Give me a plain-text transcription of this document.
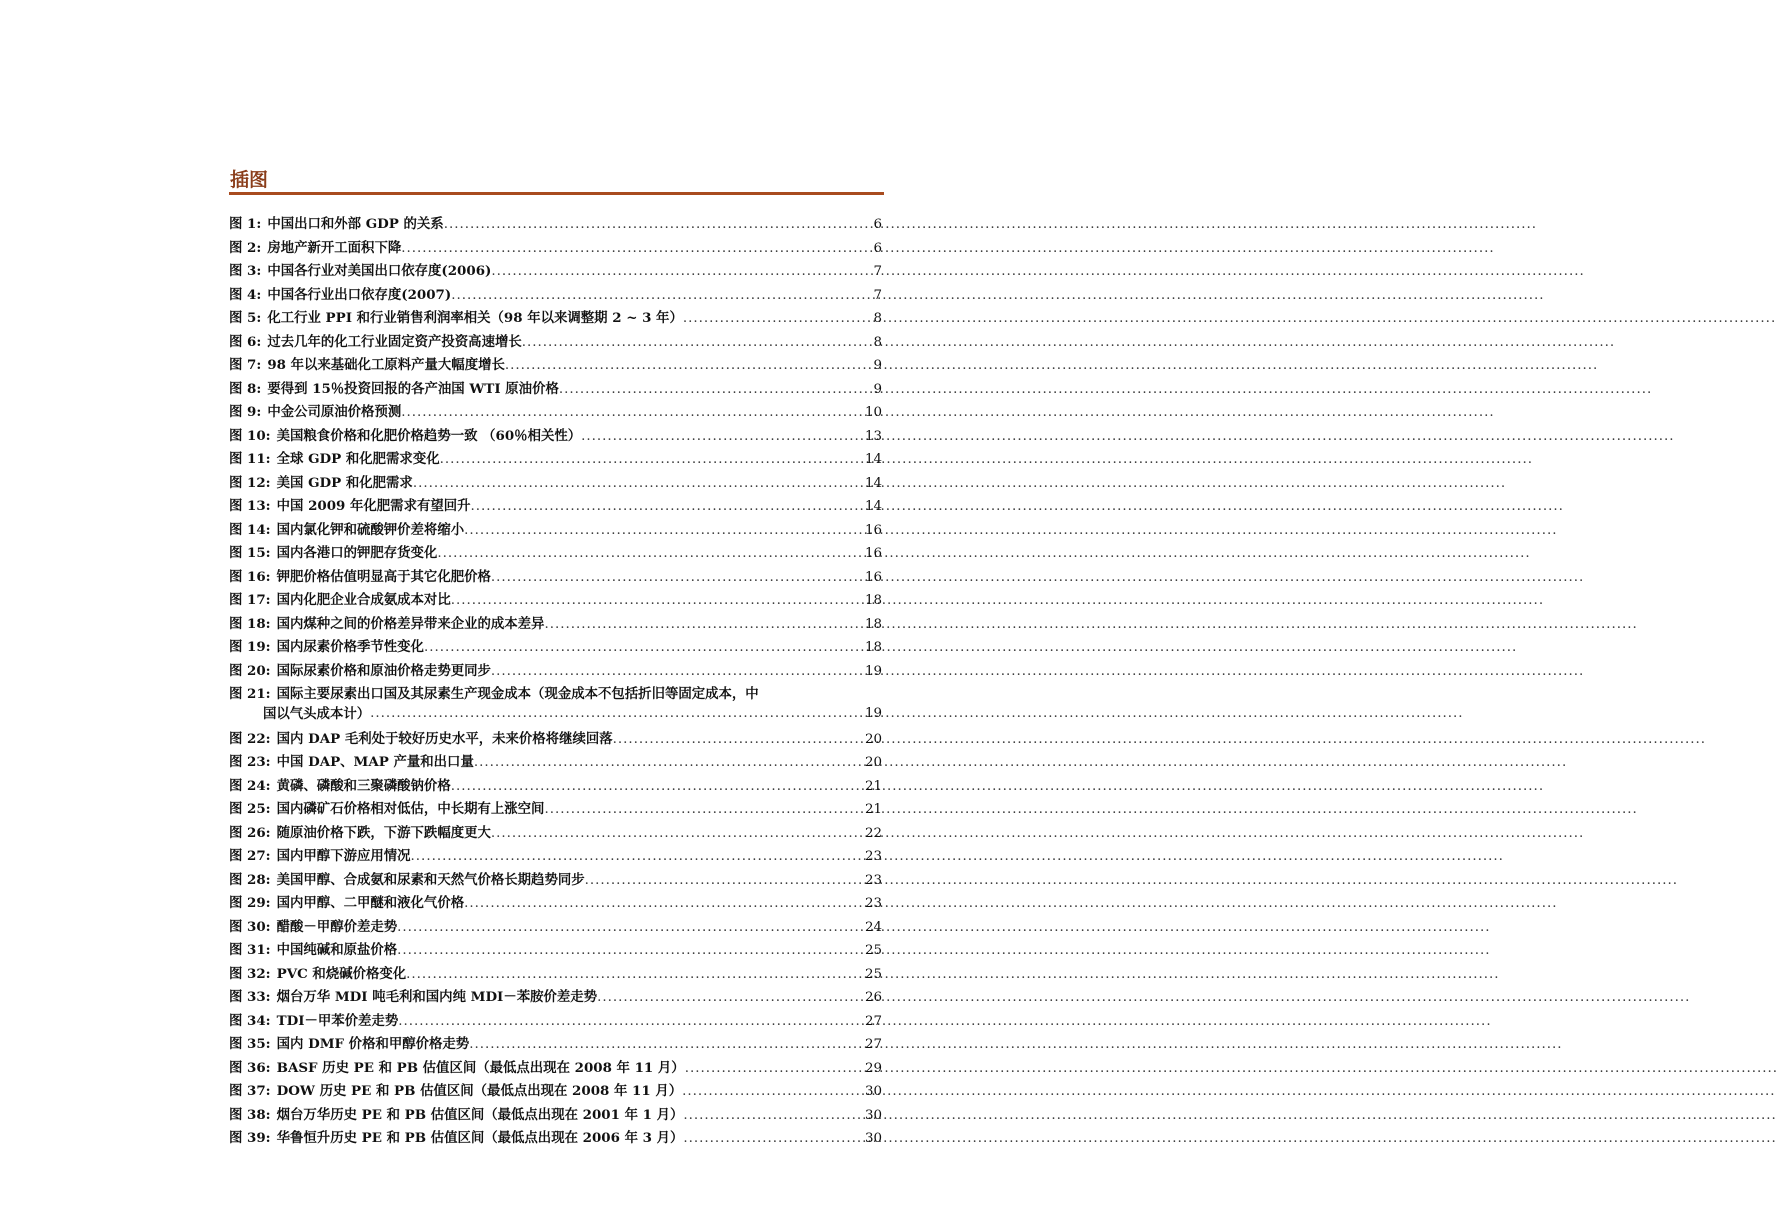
插图
图 1: 中国出口和外部 GDP 的关系 .....	6
图 2: 房地产新开工面积下降 .....	6
图 3: 中国各行业对美国出口依存度(2006) .....	7
图 4: 中国各行业出口依存度(2007) .....	7
图 5: 化工行业 PPI 和行业销售利润率相关（98 年以来调整期 2 ~ 3 年） .....	8
图 6: 过去几年的化工行业固定资产投资高速增长 .....	8
图 7: 98 年以来基础化工原料产量大幅度增长 .....	9
图 8: 要得到 15％投资回报的各产油国 WTI 原油价格 .....	9
图 9: 中金公司原油价格预测 .....	10
图 10: 美国粮食价格和化肥价格趋势一致 （60％相关性） .....	13
图 11: 全球 GDP 和化肥需求变化 .....	14
图 12: 美国 GDP 和化肥需求 .....	14
图 13: 中国 2009 年化肥需求有望回升 .....	14
图 14: 国内氯化钾和硫酸钾价差将缩小 .....	16
图 15: 国内各港口的钾肥存货变化 .....	16
图 16: 钾肥价格估值明显高于其它化肥价格 .....	16
图 17: 国内化肥企业合成氨成本对比 .....	18
图 18: 国内煤种之间的价格差异带来企业的成本差异 .....	18
图 19: 国内尿素价格季节性变化 .....	18
图 20: 国际尿素价格和原油价格走势更同步 .....	19
图 21: 国际主要尿素出口国及其尿素生产现金成本（现金成本不包括折旧等固定成本，中
国以气头成本计） .....	19
图 22: 国内 DAP 毛利处于较好历史水平，未来价格将继续回落 .....	20
图 23: 中国 DAP、MAP 产量和出口量 .....	20
图 24: 黄磷、磷酸和三聚磷酸钠价格 .....	21
图 25: 国内磷矿石价格相对低估，中长期有上涨空间 .....	21
图 26: 随原油价格下跌，下游下跌幅度更大 .....	22
图 27: 国内甲醇下游应用情况 .....	23
图 28: 美国甲醇、合成氨和尿素和天然气价格长期趋势同步 .....	23
图 29: 国内甲醇、二甲醚和液化气价格 .....	23
图 30: 醋酸－甲醇价差走势 .....	24
图 31: 中国纯碱和原盐价格 .....	25
图 32: PVC 和烧碱价格变化 .....	25
图 33: 烟台万华 MDI 吨毛利和国内纯 MDI－苯胺价差走势 .....	26
图 34: TDI－甲苯价差走势 .....	27
图 35: 国内 DMF 价格和甲醇价格走势 .....	27
图 36: BASF 历史 PE 和 PB 估值区间（最低点出现在 2008 年 11 月） .....	29
图 37: DOW 历史 PE 和 PB 估值区间（最低点出现在 2008 年 11 月） .....	30
图 38: 烟台万华历史 PE 和 PB 估值区间（最低点出现在 2001 年 1 月） .....	30
图 39: 华鲁恒升历史 PE 和 PB 估值区间（最低点出现在 2006 年 3 月） .....	30
